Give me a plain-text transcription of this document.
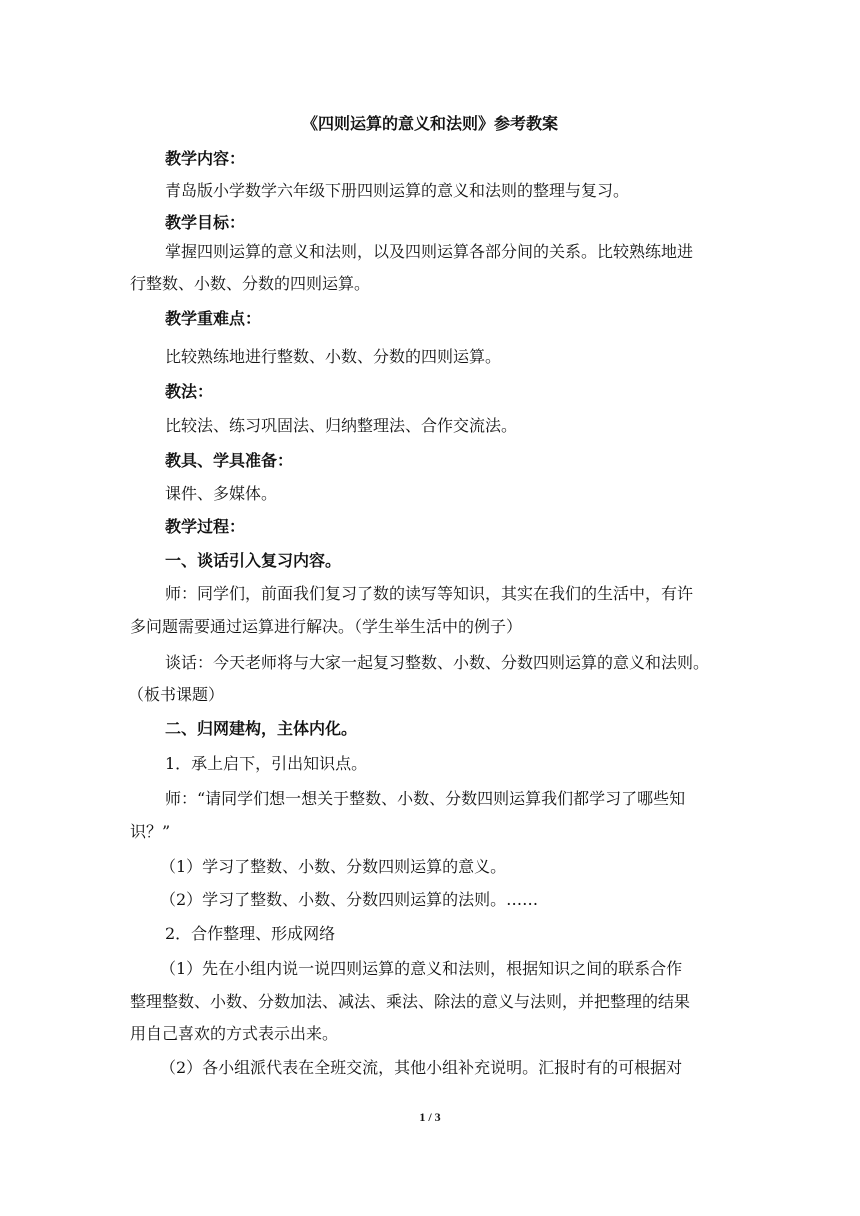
《四则运算的意义和法则》参考教案
教学内容：
青岛版小学数学六年级下册四则运算的意义和法则的整理与复习。
教学目标：
掌握四则运算的意义和法则，以及四则运算各部分间的关系。比较熟练地进
行整数、小数、分数的四则运算。
教学重难点：
比较熟练地进行整数、小数、分数的四则运算。
教法：
比较法、练习巩固法、归纳整理法、合作交流法。
教具、学具准备：
课件、多媒体。
教学过程：
一、谈话引入复习内容。
师：同学们，前面我们复习了数的读写等知识，其实在我们的生活中，有许
多问题需要通过运算进行解决。（学生举生活中的例子）
谈话：今天老师将与大家一起复习整数、小数、分数四则运算的意义和法则。
（板书课题）
二、归网建构，主体内化。
1．承上启下，引出知识点。
师：“请同学们想一想关于整数、小数、分数四则运算我们都学习了哪些知
识？”
（1）学习了整数、小数、分数四则运算的意义。
（2）学习了整数、小数、分数四则运算的法则。……
2．合作整理、形成网络
（1）先在小组内说一说四则运算的意义和法则，根据知识之间的联系合作
整理整数、小数、分数加法、减法、乘法、除法的意义与法则，并把整理的结果
用自己喜欢的方式表示出来。
（2）各小组派代表在全班交流，其他小组补充说明。汇报时有的可根据对
1 / 3
